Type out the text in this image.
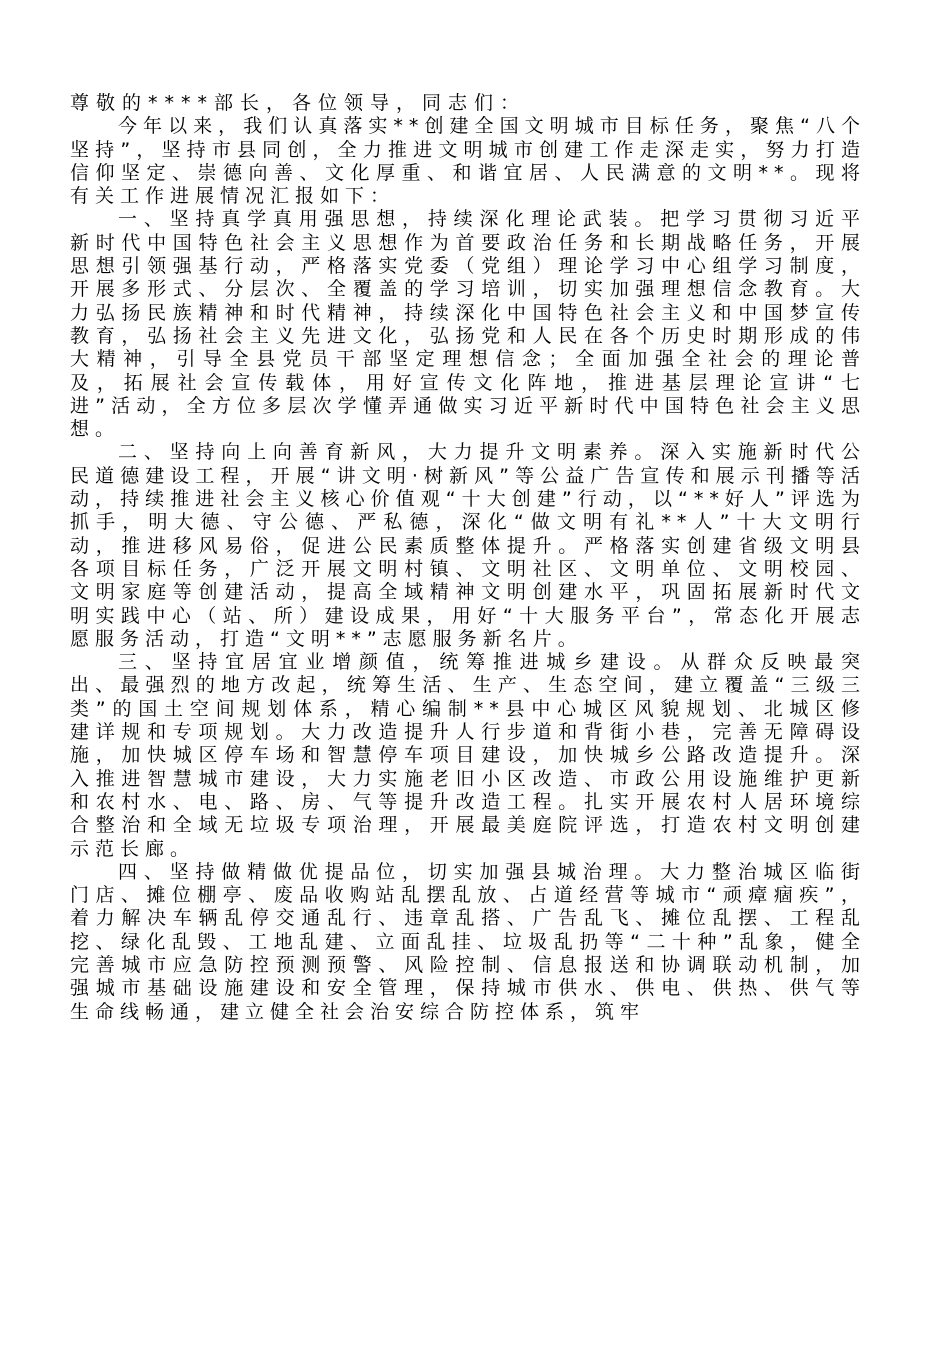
尊敬的****部长，各位领导，同志们：

今年以来，我们认真落实**创建全国文明城市目标任务，聚焦“八个坚持”，坚持市县同创，全力推进文明城市创建工作走深走实，努力打造信仰坚定、崇德向善、文化厚重、和谐宜居、人民满意的文明**。现将有关工作进展情况汇报如下：

一、坚持真学真用强思想，持续深化理论武装。把学习贯彻习近平新时代中国特色社会主义思想作为首要政治任务和长期战略任务，开展思想引领强基行动，严格落实党委（党组）理论学习中心组学习制度，开展多形式、分层次、全覆盖的学习培训，切实加强理想信念教育。大力弘扬民族精神和时代精神，持续深化中国特色社会主义和中国梦宣传教育，弘扬社会主义先进文化，弘扬党和人民在各个历史时期形成的伟大精神，引导全县党员干部坚定理想信念；全面加强全社会的理论普及，拓展社会宣传载体，用好宣传文化阵地，推进基层理论宣讲“七进”活动，全方位多层次学懂弄通做实习近平新时代中国特色社会主义思想。

二、坚持向上向善育新风，大力提升文明素养。深入实施新时代公民道德建设工程，开展“讲文明·树新风”等公益广告宣传和展示刊播等活动，持续推进社会主义核心价值观“十大创建”行动，以“**好人”评选为抓手，明大德、守公德、严私德，深化“做文明有礼**人”十大文明行动，推进移风易俗，促进公民素质整体提升。严格落实创建省级文明县各项目标任务，广泛开展文明村镇、文明社区、文明单位、文明校园、文明家庭等创建活动，提高全域精神文明创建水平，巩固拓展新时代文明实践中心（站、所）建设成果，用好“十大服务平台”，常态化开展志愿服务活动，打造“文明**”志愿服务新名片。

三、坚持宜居宜业增颜值，统筹推进城乡建设。从群众反映最突出、最强烈的地方改起，统筹生活、生产、生态空间，建立覆盖“三级三类”的国土空间规划体系，精心编制**县中心城区风貌规划、北城区修建详规和专项规划。大力改造提升人行步道和背街小巷，完善无障碍设施，加快城区停车场和智慧停车项目建设，加快城乡公路改造提升。深入推进智慧城市建设，大力实施老旧小区改造、市政公用设施维护更新和农村水、电、路、房、气等提升改造工程。扎实开展农村人居环境综合整治和全域无垃圾专项治理，开展最美庭院评选，打造农村文明创建示范长廊。

四、坚持做精做优提品位，切实加强县城治理。大力整治城区临街门店、摊位棚亭、废品收购站乱摆乱放、占道经营等城市“顽瘴痼疾”，着力解决车辆乱停交通乱行、违章乱搭、广告乱飞、摊位乱摆、工程乱挖、绿化乱毁、工地乱建、立面乱挂、垃圾乱扔等“二十种”乱象，健全完善城市应急防控预测预警、风险控制、信息报送和协调联动机制，加强城市基础设施建设和安全管理，保持城市供水、供电、供热、供气等生命线畅通，建立健全社会治安综合防控体系，筑牢
